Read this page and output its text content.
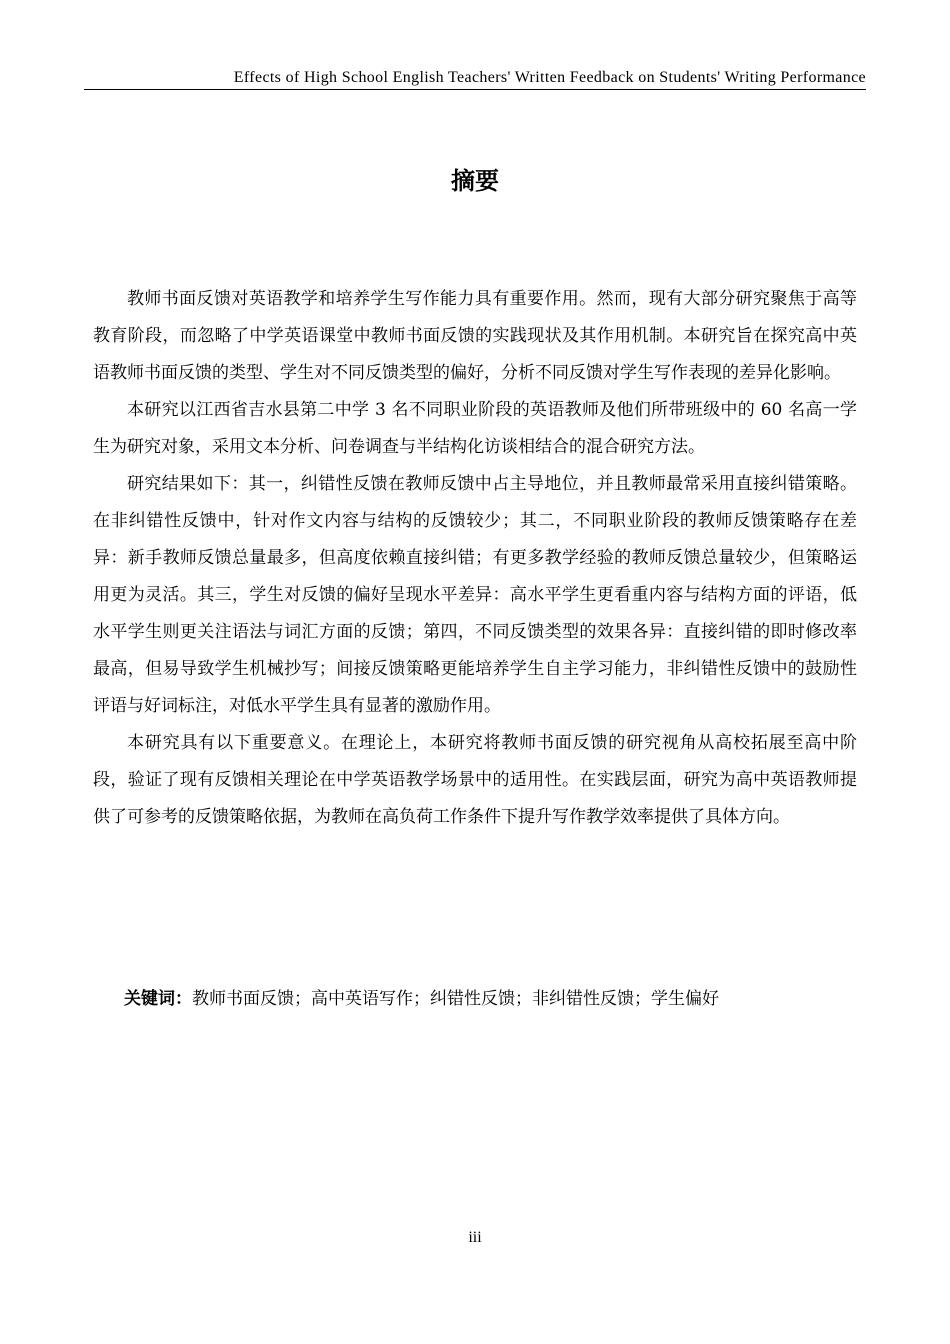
Effects of High School English Teachers' Written Feedback on Students' Writing Performance
摘要

教师书面反馈对英语教学和培养学生写作能力具有重要作用。然而，现有大部分研究聚焦于高等教育阶段，而忽略了中学英语课堂中教师书面反馈的实践现状及其作用机制。本研究旨在探究高中英语教师书面反馈的类型、学生对不同反馈类型的偏好，分析不同反馈对学生写作表现的差异化影响。

本研究以江西省吉水县第二中学 3 名不同职业阶段的英语教师及他们所带班级中的 60 名高一学生为研究对象，采用文本分析、问卷调查与半结构化访谈相结合的混合研究方法。

研究结果如下：其一，纠错性反馈在教师反馈中占主导地位，并且教师最常采用直接纠错策略。在非纠错性反馈中，针对作文内容与结构的反馈较少；其二，不同职业阶段的教师反馈策略存在差异：新手教师反馈总量最多，但高度依赖直接纠错；有更多教学经验的教师反馈总量较少，但策略运用更为灵活。其三，学生对反馈的偏好呈现水平差异：高水平学生更看重内容与结构方面的评语，低水平学生则更关注语法与词汇方面的反馈；第四，不同反馈类型的效果各异：直接纠错的即时修改率最高，但易导致学生机械抄写；间接反馈策略更能培养学生自主学习能力，非纠错性反馈中的鼓励性评语与好词标注，对低水平学生具有显著的激励作用。

本研究具有以下重要意义。在理论上，本研究将教师书面反馈的研究视角从高校拓展至高中阶段，验证了现有反馈相关理论在中学英语教学场景中的适用性。在实践层面，研究为高中英语教师提供了可参考的反馈策略依据，为教师在高负荷工作条件下提升写作教学效率提供了具体方向。

关键词：教师书面反馈；高中英语写作；纠错性反馈；非纠错性反馈；学生偏好
iii
